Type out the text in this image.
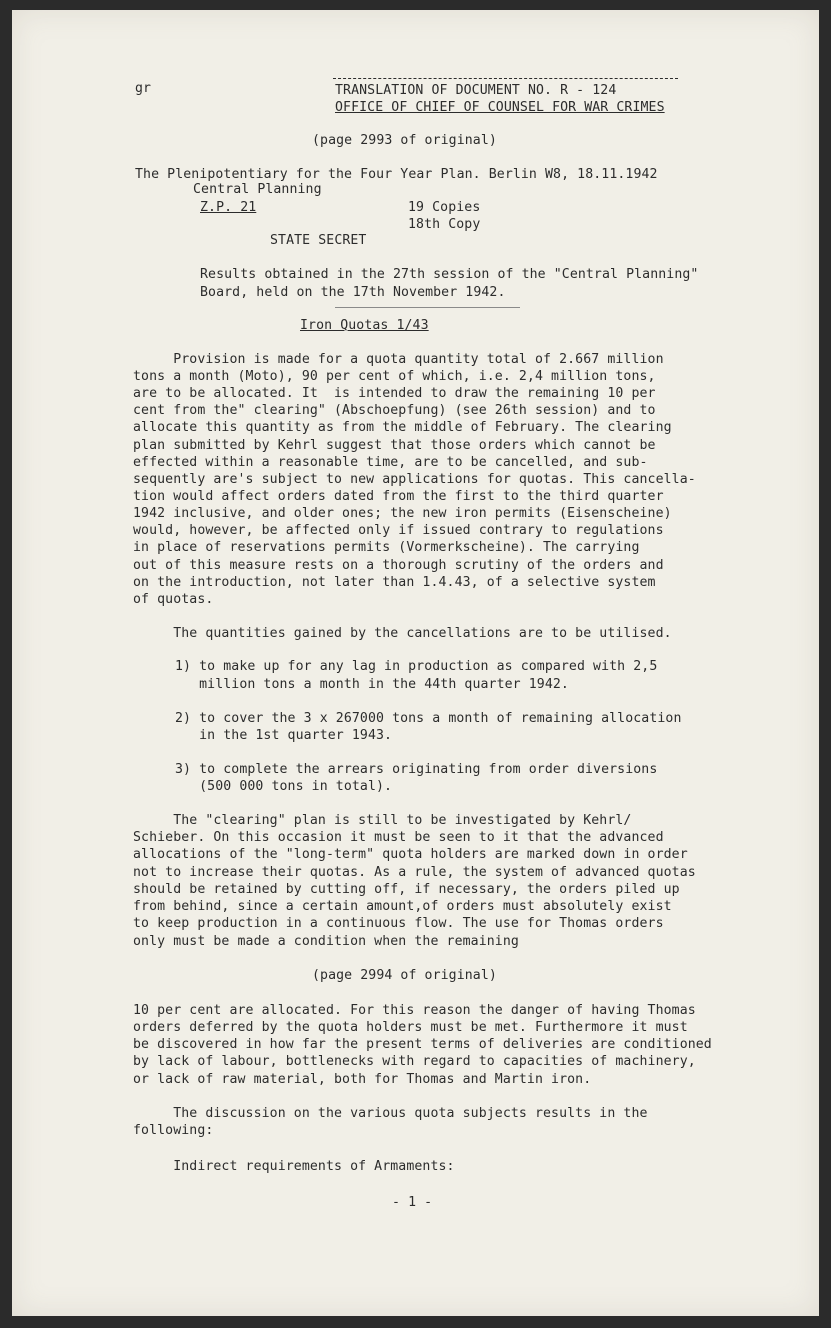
gr	TRANSLATION OF DOCUMENT NO. R - 124
OFFICE OF CHIEF OF COUNSEL FOR WAR CRIMES
(page 2993 of original)
The Plenipotentiary for the Four Year Plan. Berlin W8, 18.11.1942
Central Planning
Z.P. 21	19 Copies
18th Copy
STATE SECRET
Results obtained in the 27th session of the "Central Planning"
Board, held on the 17th November 1942.
Iron Quotas 1/43
Provision is made for a quota quantity total of 2.667 million
tons a month (Moto), 90 per cent of which, i.e. 2,4 million tons,
are to be allocated. It  is intended to draw the remaining 10 per
cent from the" clearing" (Abschoepfung) (see 26th session) and to
allocate this quantity as from the middle of February. The clearing
plan submitted by Kehrl suggest that those orders which cannot be
effected within a reasonable time, are to be cancelled, and sub-
sequently are's subject to new applications for quotas. This cancella-
tion would affect orders dated from the first to the third quarter
1942 inclusive, and older ones; the new iron permits (Eisenscheine)
would, however, be affected only if issued contrary to regulations
in place of reservations permits (Vormerkscheine). The carrying
out of this measure rests on a thorough scrutiny of the orders and
on the introduction, not later than 1.4.43, of a selective system
of quotas.
The quantities gained by the cancellations are to be utilised.
1) to make up for any lag in production as compared with 2,5
million tons a month in the 44th quarter 1942.
2) to cover the 3 x 267000 tons a month of remaining allocation
in the 1st quarter 1943.
3) to complete the arrears originating from order diversions
(500 000 tons in total).
The "clearing" plan is still to be investigated by Kehrl/
Schieber. On this occasion it must be seen to it that the advanced
allocations of the "long-term" quota holders are marked down in order
not to increase their quotas. As a rule, the system of advanced quotas
should be retained by cutting off, if necessary, the orders piled up
from behind, since a certain amount,of orders must absolutely exist
to keep production in a continuous flow. The use for Thomas orders
only must be made a condition when the remaining
(page 2994 of original)
10 per cent are allocated. For this reason the danger of having Thomas
orders deferred by the quota holders must be met. Furthermore it must
be discovered in how far the present terms of deliveries are conditioned
by lack of labour, bottlenecks with regard to capacities of machinery,
or lack of raw material, both for Thomas and Martin iron.
The discussion on the various quota subjects results in the
following:
Indirect requirements of Armaments:
- 1 -
